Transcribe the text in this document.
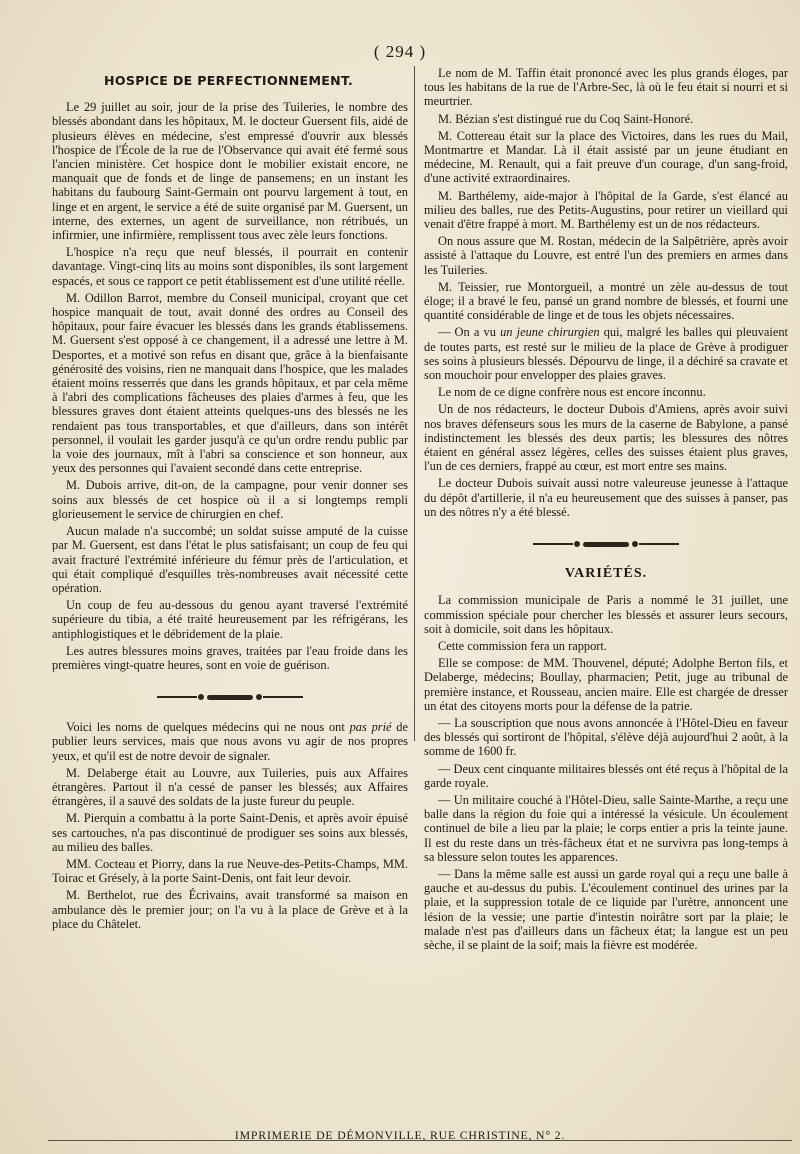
( 294 )
HOSPICE DE PERFECTIONNEMENT.

Le 29 juillet au soir, jour de la prise des Tuileries, le nombre des blessés abondant dans les hôpitaux, M. le docteur Guersent fils, aidé de plusieurs élèves en médecine, s'est empressé d'ouvrir aux blessés l'hospice de l'École de la rue de l'Observance qui avait été fermé sous l'ancien ministère. Cet hospice dont le mobilier existait encore, ne manquait que de fonds et de linge de pansemens; en un instant les habitans du faubourg Saint-Germain ont pourvu largement à tout, en linge et en argent, le service a été de suite organisé par M. Guersent, un interne, des externes, un agent de surveillance, non rétribués, un infirmier, une infirmière, remplissent tous avec zèle leurs fonctions.

L'hospice n'a reçu que neuf blessés, il pourrait en contenir davantage. Vingt-cinq lits au moins sont disponibles, ils sont largement espacés, et sous ce rapport ce petit établissement est d'une utilité réelle.

M. Odillon Barrot, membre du Conseil municipal, croyant que cet hospice manquait de tout, avait donné des ordres au Conseil des hôpitaux, pour faire évacuer les blessés dans les grands établissemens. M. Guersent s'est opposé à ce changement, il a adressé une lettre à M. Desportes, et a motivé son refus en disant que, grâce à la bienfaisante générosité des voisins, rien ne manquait dans l'hospice, que les malades étaient moins resserrés que dans les grands hôpitaux, et par cela même à l'abri des complications fâcheuses des plaies d'armes à feu, que les blessures graves dont étaient atteints quelques-uns des blessés ne les rendaient pas tous transportables, et que d'ailleurs, dans son intérêt personnel, il voulait les garder jusqu'à ce qu'un ordre rendu public par la voie des journaux, mît à l'abri sa conscience et son honneur, aux yeux des personnes qui l'avaient secondé dans cette entreprise.

M. Dubois arrive, dit-on, de la campagne, pour venir donner ses soins aux blessés de cet hospice où il a si longtemps rempli glorieusement le service de chirurgien en chef.

Aucun malade n'a succombé; un soldat suisse amputé de la cuisse par M. Guersent, est dans l'état le plus satisfaisant; un coup de feu qui avait fracturé l'extrémité inférieure du fémur près de l'articulation, et qui était compliqué d'esquilles très-nombreuses avait nécessité cette opération.

Un coup de feu au-dessous du genou ayant traversé l'extrémité supérieure du tibia, a été traité heureusement par les réfrigérans, les antiphlogistiques et le débridement de la plaie.

Les autres blessures moins graves, traitées par l'eau froide dans les premières vingt-quatre heures, sont en voie de guérison.

Voici les noms de quelques médecins qui ne nous ont pas prié de publier leurs services, mais que nous avons vu agir de nos propres yeux, et qu'il est de notre devoir de signaler.

M. Delaberge était au Louvre, aux Tuileries, puis aux Affaires étrangères. Partout il n'a cessé de panser les blessés; aux Affaires étrangères, il a sauvé des soldats de la juste fureur du peuple.

M. Pierquin a combattu à la porte Saint-Denis, et après avoir épuisé ses cartouches, n'a pas discontinué de prodiguer ses soins aux blessés, au milieu des balles.

MM. Cocteau et Piorry, dans la rue Neuve-des-Petits-Champs, MM. Toirac et Grésely, à la porte Saint-Denis, ont fait leur devoir.

M. Berthelot, rue des Écrivains, avait transformé sa maison en ambulance dès le premier jour; on l'a vu à la place de Grève et à la place du Châtelet.

Le nom de M. Taffin était prononcé avec les plus grands éloges, par tous les habitans de la rue de l'Arbre-Sec, là où le feu était si nourri et si meurtrier.

M. Bézian s'est distingué rue du Coq Saint-Honoré.

M. Cottereau était sur la place des Victoires, dans les rues du Mail, Montmartre et Mandar. Là il était assisté par un jeune étudiant en médecine, M. Renault, qui a fait preuve d'un courage, d'un sang-froid, d'une activité extraordinaires.

M. Barthélemy, aide-major à l'hôpital de la Garde, s'est élancé au milieu des balles, rue des Petits-Augustins, pour retirer un vieillard qui venait d'être frappé à mort. M. Barthélemy est un de nos rédacteurs.

On nous assure que M. Rostan, médecin de la Salpêtrière, après avoir assisté à l'attaque du Louvre, est entré l'un des premiers en armes dans les Tuileries.

M. Teissier, rue Montorgueil, a montré un zèle au-dessus de tout éloge; il a bravé le feu, pansé un grand nombre de blessés, et fourni une quantité considérable de linge et de tous les objets nécessaires.

— On a vu un jeune chirurgien qui, malgré les balles qui pleuvaient de toutes parts, est resté sur le milieu de la place de Grève à prodiguer ses soins à plusieurs blessés. Dépourvu de linge, il a déchiré sa cravate et son mouchoir pour envelopper des plaies graves.

Le nom de ce digne confrère nous est encore inconnu.

Un de nos rédacteurs, le docteur Dubois d'Amiens, après avoir suivi nos braves défenseurs sous les murs de la caserne de Babylone, a pansé indistinctement les blessés des deux partis; les blessures des nôtres étaient en général assez légères, celles des suisses étaient plus graves, l'un de ces derniers, frappé au cœur, est mort entre ses mains.

Le docteur Dubois suivait aussi notre valeureuse jeunesse à l'attaque du dépôt d'artillerie, il n'a eu heureusement que des suisses à panser, pas un des nôtres n'y a été blessé.

VARIÉTÉS.

La commission municipale de Paris a nommé le 31 juillet, une commission spéciale pour chercher les blessés et assurer leurs secours, soit à domicile, soit dans les hôpitaux.

Cette commission fera un rapport.

Elle se compose: de MM. Thouvenel, député; Adolphe Berton fils, et Delaberge, médecins; Boullay, pharmacien; Petit, juge au tribunal de première instance, et Rousseau, ancien maire. Elle est chargée de dresser un état des citoyens morts pour la défense de la patrie.

— La souscription que nous avons annoncée à l'Hôtel-Dieu en faveur des blessés qui sortiront de l'hôpital, s'élève déjà aujourd'hui 2 août, à la somme de 1600 fr.

— Deux cent cinquante militaires blessés ont été reçus à l'hôpital de la garde royale.

— Un militaire couché à l'Hôtel-Dieu, salle Sainte-Marthe, a reçu une balle dans la région du foie qui a intéressé la vésicule. Un écoulement continuel de bile a lieu par la plaie; le corps entier a pris la teinte jaune. Il est du reste dans un très-fâcheux état et ne survivra pas long-temps à sa blessure selon toutes les apparences.

— Dans la même salle est aussi un garde royal qui a reçu une balle à gauche et au-dessus du pubis. L'écoulement continuel des urines par la plaie, et la suppression totale de ce liquide par l'urètre, annoncent une lésion de la vessie; une partie d'intestin noirâtre sort par la plaie; le malade n'est pas d'ailleurs dans un fâcheux état; la langue est un peu sèche, il se plaint de la soif; mais la fièvre est modérée.

IMPRIMERIE DE DÉMONVILLE, RUE CHRISTINE, N° 2.
